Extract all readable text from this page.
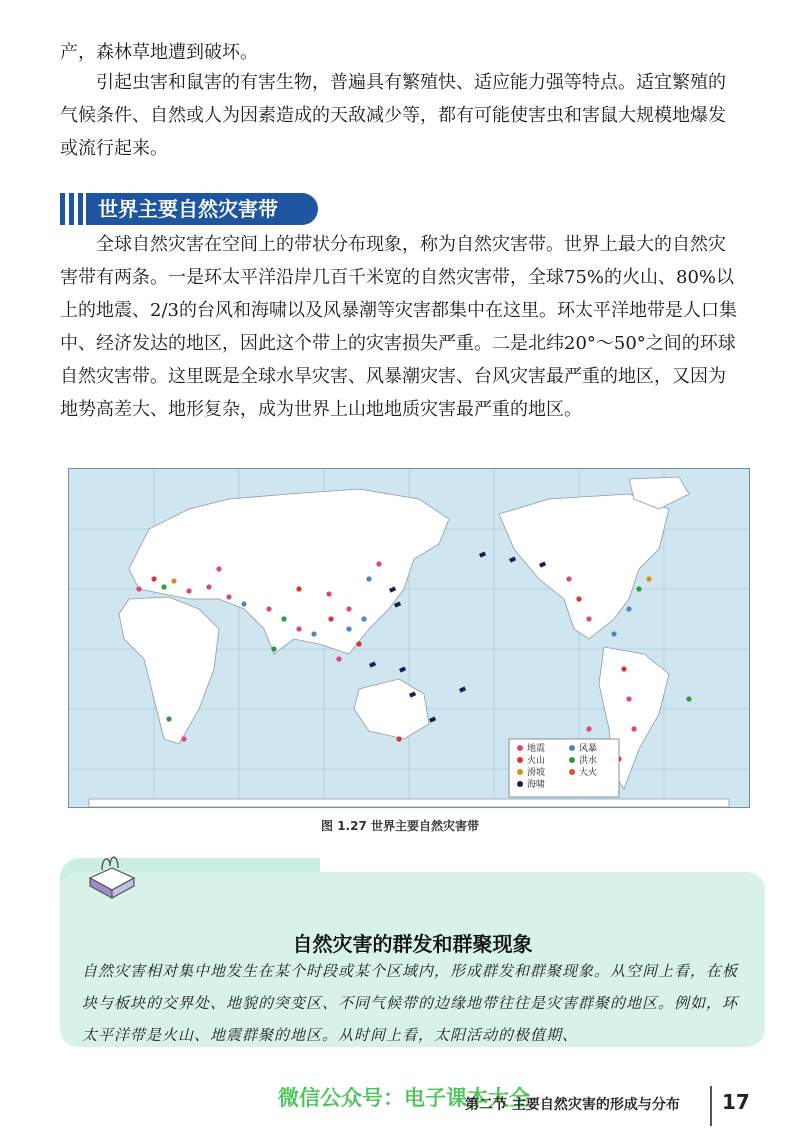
产，森林草地遭到破坏。

引起虫害和鼠害的有害生物，普遍具有繁殖快、适应能力强等特点。适宜繁殖的气候条件、自然或人为因素造成的天敌减少等，都有可能使害虫和害鼠大规模地爆发或流行起来。

世界主要自然灾害带

全球自然灾害在空间上的带状分布现象，称为自然灾害带。世界上最大的自然灾害带有两条。一是环太平洋沿岸几百千米宽的自然灾害带，全球75%的火山、80%以上的地震、2/3的台风和海啸以及风暴潮等灾害都集中在这里。环太平洋地带是人口集中、经济发达的地区，因此这个带上的灾害损失严重。二是北纬20°～50°之间的环球自然灾害带。这里既是全球水旱灾害、风暴潮灾害、台风灾害最严重的地区，又因为地势高差大、地形复杂，成为世界上山地地质灾害最严重的地区。

地震	风暴
火山	洪水
滑坡	大火
海啸
图 1.27 世界主要自然灾害带
自然灾害的群发和群聚现象

自然灾害相对集中地发生在某个时段或某个区域内，形成群发和群聚现象。从空间上看，在板块与板块的交界处、地貌的突变区、不同气候带的边缘地带往往是灾害群聚的地区。例如，环太平洋带是火山、地震群聚的地区。从时间上看，太阳活动的极值期、

微信公众号：电子课本大全
第二节 主要自然灾害的形成与分布 17
